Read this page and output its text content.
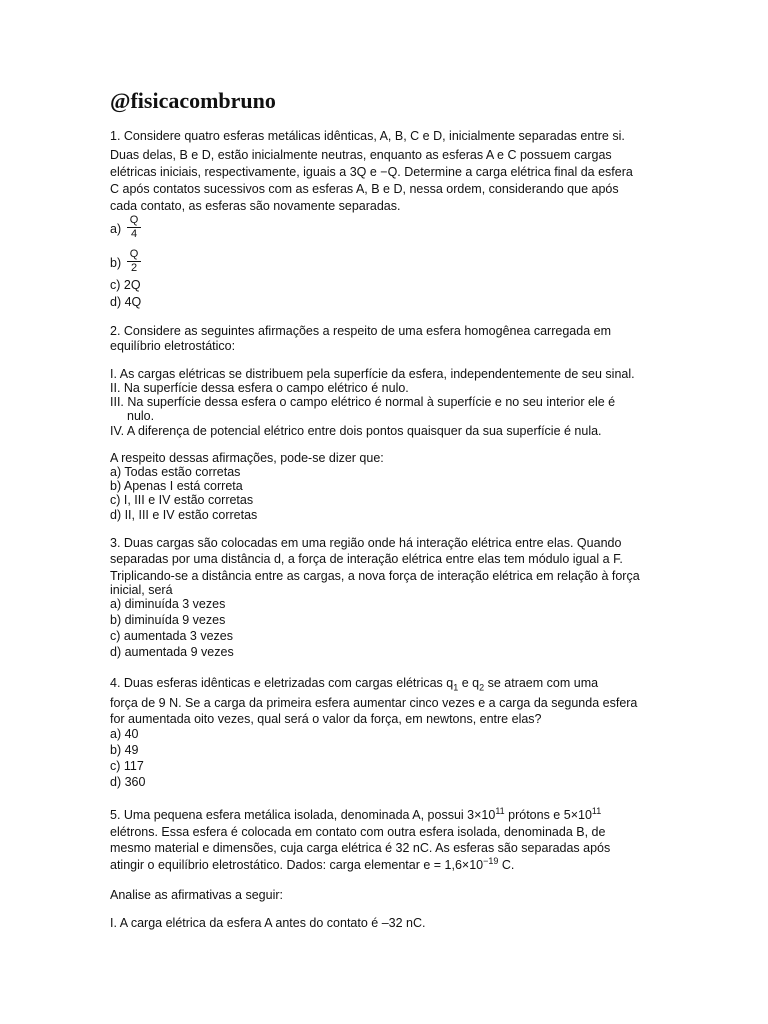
@fisicacombruno
1. Considere quatro esferas metálicas idênticas, A, B, C e D, inicialmente separadas entre si.
Duas delas, B e D, estão inicialmente neutras, enquanto as esferas A e C possuem cargas
elétricas iniciais, respectivamente, iguais a 3Q e −Q. Determine a carga elétrica final da esfera
C após contatos sucessivos com as esferas A, B e D, nessa ordem, considerando que após
cada contato, as esferas são novamente separadas.
$a) \frac{Q}{4}$
$b) \frac{Q}{2}$
c) 2Q
d) 4Q
2. Considere as seguintes afirmações a respeito de uma esfera homogênea carregada em
equilíbrio eletrostático:
I. As cargas elétricas se distribuem pela superfície da esfera, independentemente de seu sinal.
II. Na superfície dessa esfera o campo elétrico é nulo.
III. Na superfície dessa esfera o campo elétrico é normal à superfície e no seu interior ele é
nulo.
IV. A diferença de potencial elétrico entre dois pontos quaisquer da sua superfície é nula.
A respeito dessas afirmações, pode-se dizer que:
a) Todas estão corretas
b) Apenas I está correta
c) I, III e IV estão corretas
d) II, III e IV estão corretas
3. Duas cargas são colocadas em uma região onde há interação elétrica entre elas. Quando
separadas por uma distância d, a força de interação elétrica entre elas tem módulo igual a F.
Triplicando-se a distância entre as cargas, a nova força de interação elétrica em relação à força
inicial, será
a) diminuída 3 vezes
b) diminuída 9 vezes
c) aumentada 3 vezes
d) aumentada 9 vezes
4. Duas esferas idênticas e eletrizadas com cargas elétricas $q_1$ e $q_2$ se atraem com uma
força de 9 N. Se a carga da primeira esfera aumentar cinco vezes e a carga da segunda esfera
for aumentada oito vezes, qual será o valor da força, em newtons, entre elas?
a) 40
b) 49
c) 117
d) 360
5. Uma pequena esfera metálica isolada, denominada A, possui $3\times 10^{11}$ prótons e $5\times 10^{11}$
elétrons. Essa esfera é colocada em contato com outra esfera isolada, denominada B, de
mesmo material e dimensões, cuja carga elétrica é 32 nC. As esferas são separadas após
atingir o equilíbrio eletrostático. Dados: carga elementar $e = 1,6\times 10^{-19}$ C.
Analise as afirmativas a seguir:
I. A carga elétrica da esfera A antes do contato é –32 nC.
